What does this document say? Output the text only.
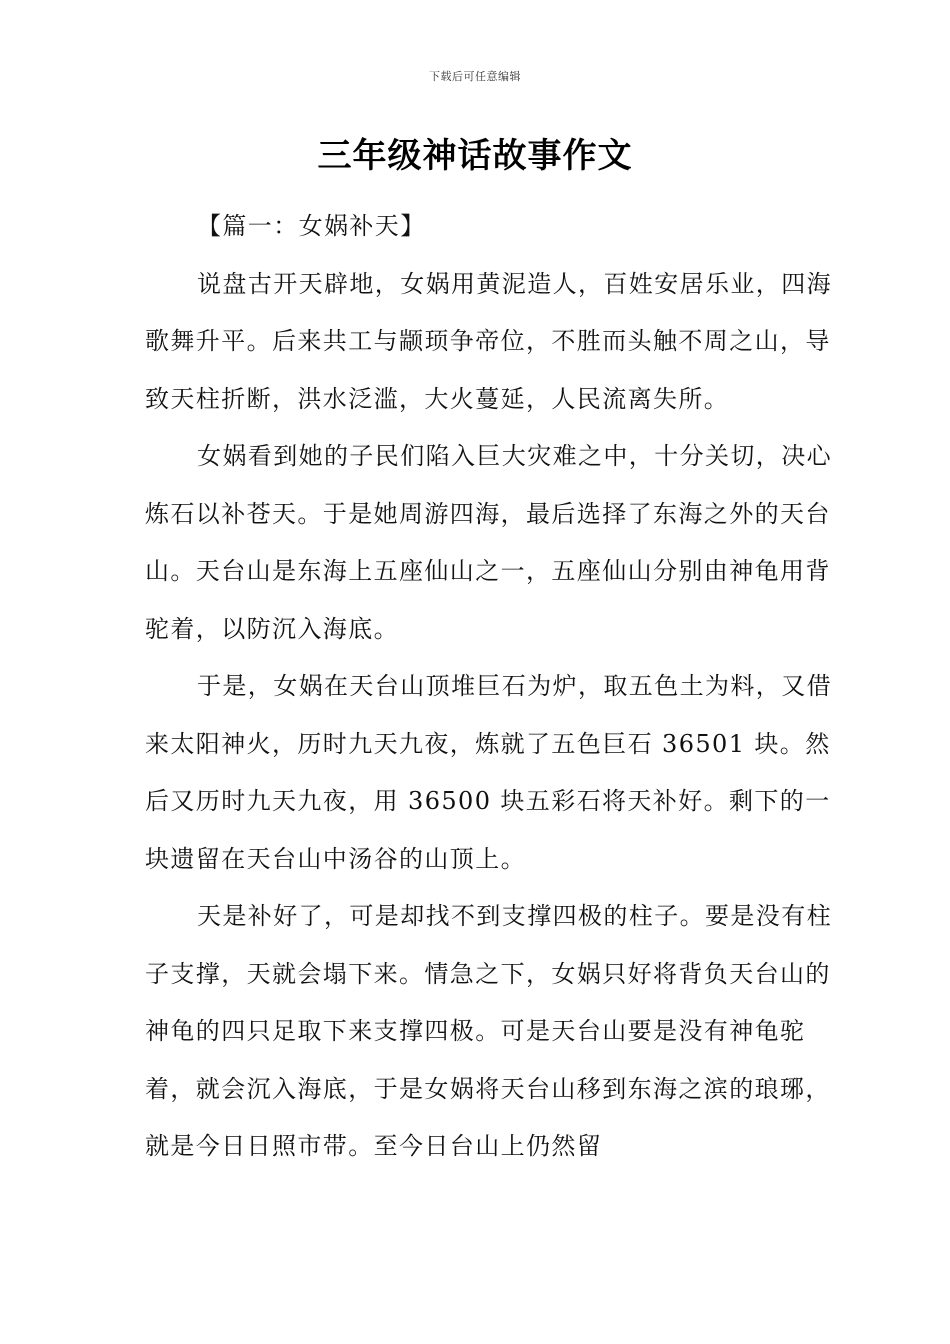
下载后可任意编辑
三年级神话故事作文

【篇一：女娲补天】

说盘古开天辟地，女娲用黄泥造人，百姓安居乐业，四海歌舞升平。后来共工与颛顼争帝位，不胜而头触不周之山，导致天柱折断，洪水泛滥，大火蔓延，人民流离失所。

女娲看到她的子民们陷入巨大灾难之中，十分关切，决心炼石以补苍天。于是她周游四海，最后选择了东海之外的天台山。天台山是东海上五座仙山之一，五座仙山分别由神龟用背驼着，以防沉入海底。

于是，女娲在天台山顶堆巨石为炉，取五色土为料，又借来太阳神火，历时九天九夜，炼就了五色巨石 36501 块。然后又历时九天九夜，用 36500 块五彩石将天补好。剩下的一块遗留在天台山中汤谷的山顶上。

天是补好了，可是却找不到支撑四极的柱子。要是没有柱子支撑，天就会塌下来。情急之下，女娲只好将背负天台山的神龟的四只足取下来支撑四极。可是天台山要是没有神龟驼着，就会沉入海底，于是女娲将天台山移到东海之滨的琅琊，就是今日日照市带。至今日台山上仍然留
